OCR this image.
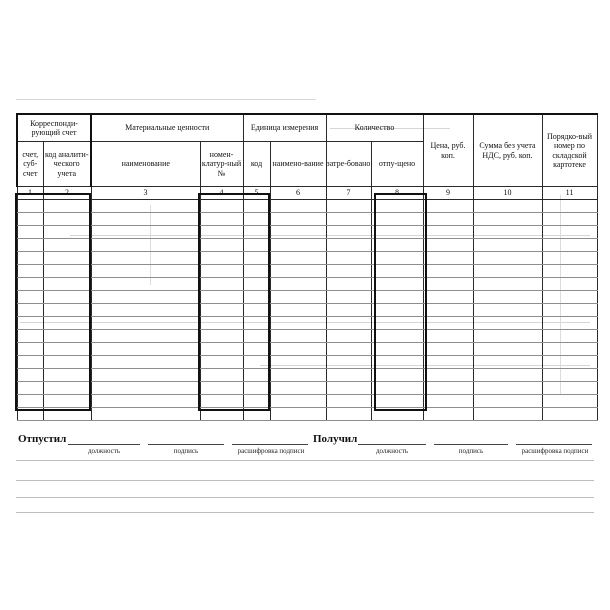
Корреспонди-рующий счет		Материальные ценности		Единица измерения		Количество		Цена, руб. коп.	Сумма без учета НДС, руб. коп.	Порядко-вый номер по складской картотеке
счет, суб-счет	код аналити-ческого учета	наименование	номен-клатур-ный №	код	наимено-вание	затре-бовано	отпу-щено			
1	2	3	4	5	6	7	8	9	10	11

Отпустил
должность	подпись	расшифровка подписи
Получил
должность	подпись	расшифровка подписи
